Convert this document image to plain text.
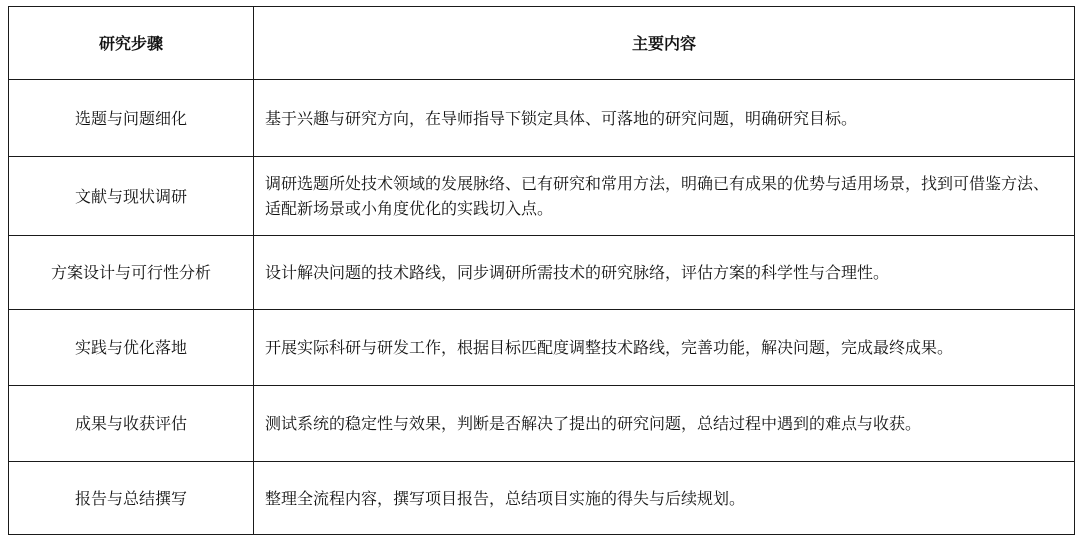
研究步骤	主要内容
选题与问题细化	基于兴趣与研究方向，在导师指导下锁定具体、可落地的研究问题，明确研究目标。
文献与现状调研	调研选题所处技术领域的发展脉络、已有研究和常用方法，明确已有成果的优势与适用场景，找到可借鉴方法、适配新场景或小角度优化的实践切入点。
方案设计与可行性分析	设计解决问题的技术路线，同步调研所需技术的研究脉络，评估方案的科学性与合理性。
实践与优化落地	开展实际科研与研发工作，根据目标匹配度调整技术路线，完善功能，解决问题，完成最终成果。
成果与收获评估	测试系统的稳定性与效果，判断是否解决了提出的研究问题，总结过程中遇到的难点与收获。
报告与总结撰写	整理全流程内容，撰写项目报告，总结项目实施的得失与后续规划。
